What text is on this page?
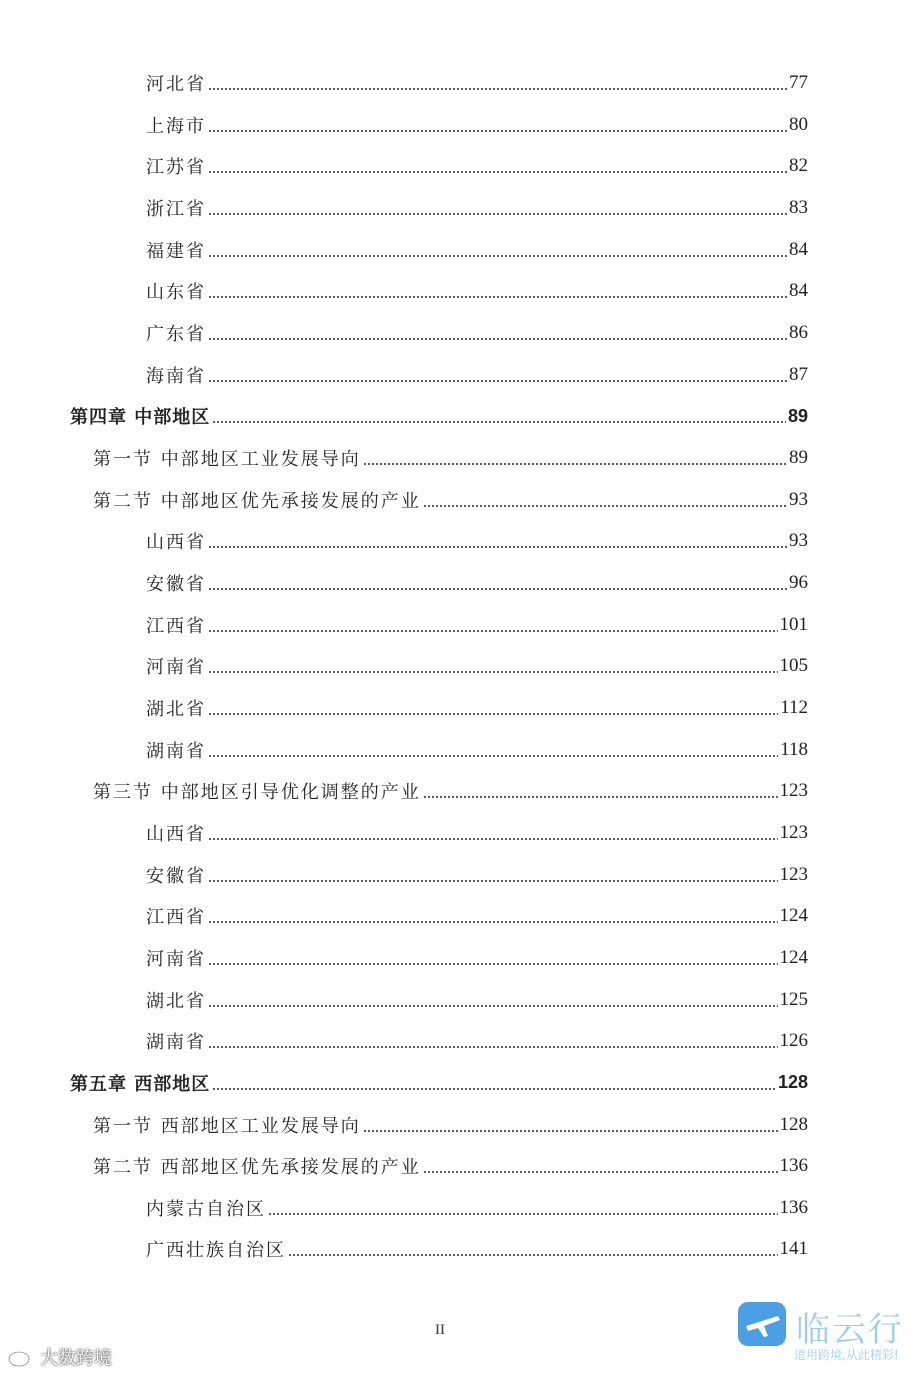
河北省	77
上海市	80
江苏省	82
浙江省	83
福建省	84
山东省	84
广东省	86
海南省	87
第四章 中部地区	89
第一节 中部地区工业发展导向	89
第二节 中部地区优先承接发展的产业	93
山西省	93
安徽省	96
江西省	101
河南省	105
湖北省	112
湖南省	118
第三节 中部地区引导优化调整的产业	123
山西省	123
安徽省	123
江西省	124
河南省	124
湖北省	125
湖南省	126
第五章 西部地区	128
第一节 西部地区工业发展导向	128
第二节 西部地区优先承接发展的产业	136
内蒙古自治区	136
广西壮族自治区	141
II
大数跨境
临云行
道用跨境,从此精彩!
